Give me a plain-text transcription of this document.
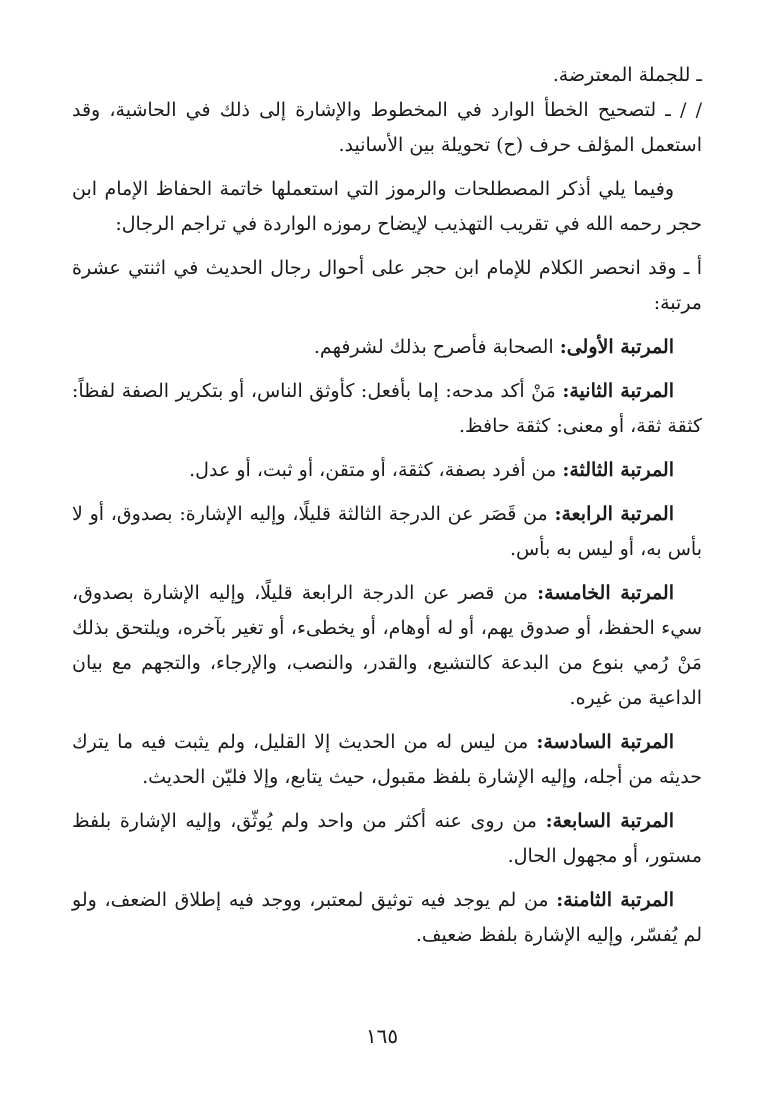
ـ للجملة المعترضة.

/ / ـ لتصحيح الخطأ الوارد في المخطوط والإشارة إلى ذلك في الحاشية، وقد استعمل المؤلف حرف (ح) تحويلة بين الأسانيد.

وفيما يلي أذكر المصطلحات والرموز التي استعملها خاتمة الحفاظ الإمام ابن حجر رحمه الله في تقريب التهذيب لإيضاح رموزه الواردة في تراجم الرجال:

أ ـ وقد انحصر الكلام للإمام ابن حجر على أحوال رجال الحديث في اثنتي عشرة مرتبة:

المرتبة الأولى: الصحابة فأصرح بذلك لشرفهم.

المرتبة الثانية: مَنْ أكد مدحه: إما بأفعل: كأوثق الناس، أو بتكرير الصفة لفظاً: كثقة ثقة، أو معنى: كثقة حافظ.

المرتبة الثالثة: من أفرد بصفة، كثقة، أو متقن، أو ثبت، أو عدل.

المرتبة الرابعة: من قَصَر عن الدرجة الثالثة قليلًا، وإليه الإشارة: بصدوق، أو لا بأس به، أو ليس به بأس.

المرتبة الخامسة: من قصر عن الدرجة الرابعة قليلًا، وإليه الإشارة بصدوق، سيء الحفظ، أو صدوق يهم، أو له أوهام، أو يخطىء، أو تغير بآخره، ويلتحق بذلك مَنْ رُمي بنوع من البدعة كالتشيع، والقدر، والنصب، والإرجاء، والتجهم مع بيان الداعية من غيره.

المرتبة السادسة: من ليس له من الحديث إلا القليل، ولم يثبت فيه ما يترك حديثه من أجله، وإليه الإشارة بلفظ مقبول، حيث يتابع، وإلا فليّن الحديث.

المرتبة السابعة: من روى عنه أكثر من واحد ولم يُوثّق، وإليه الإشارة بلفظ مستور، أو مجهول الحال.

المرتبة الثامنة: من لم يوجد فيه توثيق لمعتبر، ووجد فيه إطلاق الضعف، ولو لم يُفسّر، وإليه الإشارة بلفظ ضعيف.

١٦٥
